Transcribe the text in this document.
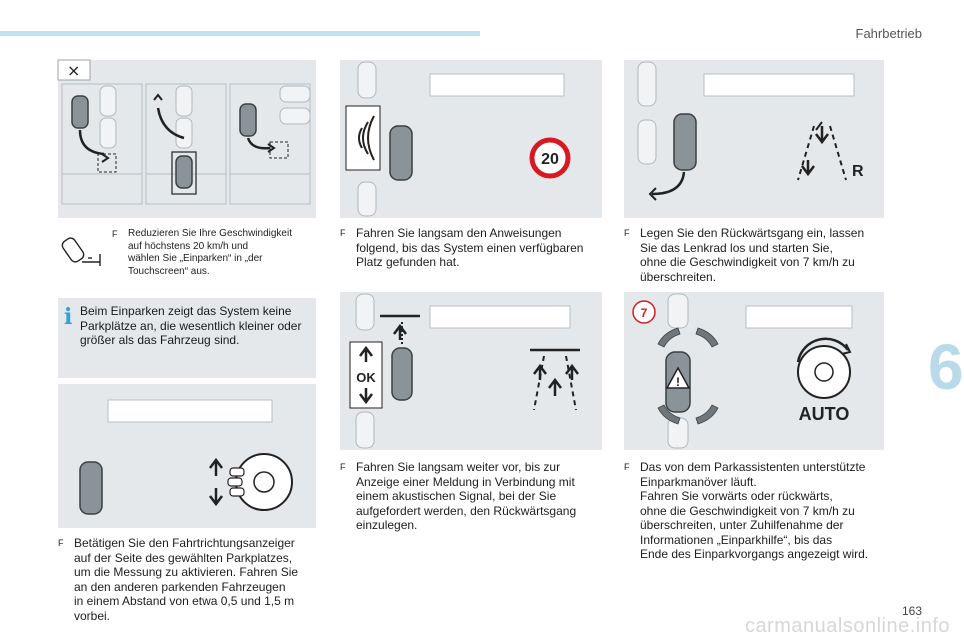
Fahrbetrieb
6
×
F	Reduzieren Sie Ihre Geschwindigkeit
auf höchstens 20 km/h und
wählen Sie „Einparken“ in „der
Touchscreen“ aus.
i Beim Einparken zeigt das System keine Parkplätze an, die wesentlich kleiner oder größer als das Fahrzeug sind.
F Betätigen Sie den Fahrtrichtungsanzeiger
auf der Seite des gewählten Parkplatzes,
um die Messung zu aktivieren. Fahren Sie
an den anderen parkenden Fahrzeugen
in einem Abstand von etwa 0,5 und 1,5 m
vorbei.
20
F Fahren Sie langsam den Anweisungen
folgend, bis das System einen verfügbaren
Platz gefunden hat.
OK
F Fahren Sie langsam weiter vor, bis zur
Anzeige einer Meldung in Verbindung mit
einem akustischen Signal, bei der Sie
aufgefordert werden, den Rückwärtsgang
einzulegen.
R
F Legen Sie den Rückwärtsgang ein, lassen
Sie das Lenkrad los und starten Sie,
ohne die Geschwindigkeit von 7 km/h zu
überschreiten.
7
!
AUTO
F Das von dem Parkassistenten unterstützte
Einparkmanöver läuft.
Fahren Sie vorwärts oder rückwärts,
ohne die Geschwindigkeit von 7 km/h zu
überschreiten, unter Zuhilfenahme der
Informationen „Einparkhilfe“, bis das
Ende des Einparkvorgangs angezeigt wird.
163
carmanualsonline.info
